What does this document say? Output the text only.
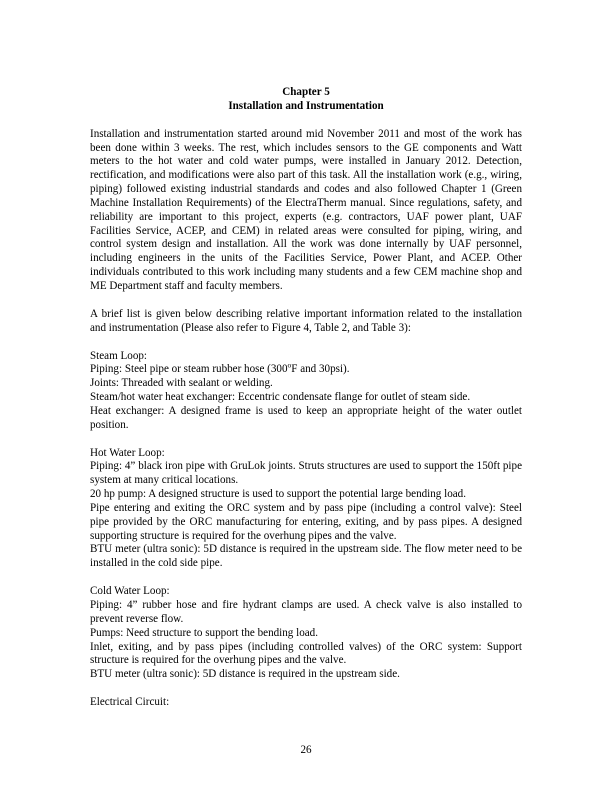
Chapter 5

Installation and Instrumentation

Installation and instrumentation started around mid November 2011 and most of the work has been done within 3 weeks. The rest, which includes sensors to the GE components and Watt meters to the hot water and cold water pumps, were installed in January 2012. Detection, rectification, and modifications were also part of this task. All the installation work (e.g., wiring, piping) followed existing industrial standards and codes and also followed Chapter 1 (Green Machine Installation Requirements) of the ElectraTherm manual. Since regulations, safety, and reliability are important to this project, experts (e.g. contractors, UAF power plant, UAF Facilities Service, ACEP, and CEM) in related areas were consulted for piping, wiring, and control system design and installation. All the work was done internally by UAF personnel, including engineers in the units of the Facilities Service, Power Plant, and ACEP. Other individuals contributed to this work including many students and a few CEM machine shop and ME Department staff and faculty members.

A brief list is given below describing relative important information related to the installation and instrumentation (Please also refer to Figure 4, Table 2, and Table 3):

Steam Loop:

Piping: Steel pipe or steam rubber hose (300$^o$F and 30psi).

Joints: Threaded with sealant or welding.

Steam/hot water heat exchanger: Eccentric condensate flange for outlet of steam side.

Heat exchanger: A designed frame is used to keep an appropriate height of the water outlet position.

Hot Water Loop:

Piping: 4” black iron pipe with GruLok joints. Struts structures are used to support the 150ft pipe system at many critical locations.

20 hp pump: A designed structure is used to support the potential large bending load.

Pipe entering and exiting the ORC system and by pass pipe (including a control valve): Steel pipe provided by the ORC manufacturing for entering, exiting, and by pass pipes. A designed supporting structure is required for the overhung pipes and the valve.

BTU meter (ultra sonic): 5D distance is required in the upstream side. The flow meter need to be installed in the cold side pipe.

Cold Water Loop:

Piping: 4” rubber hose and fire hydrant clamps are used. A check valve is also installed to prevent reverse flow.

Pumps: Need structure to support the bending load.

Inlet, exiting, and by pass pipes (including controlled valves) of the ORC system: Support structure is required for the overhung pipes and the valve.

BTU meter (ultra sonic): 5D distance is required in the upstream side.

Electrical Circuit:

26
